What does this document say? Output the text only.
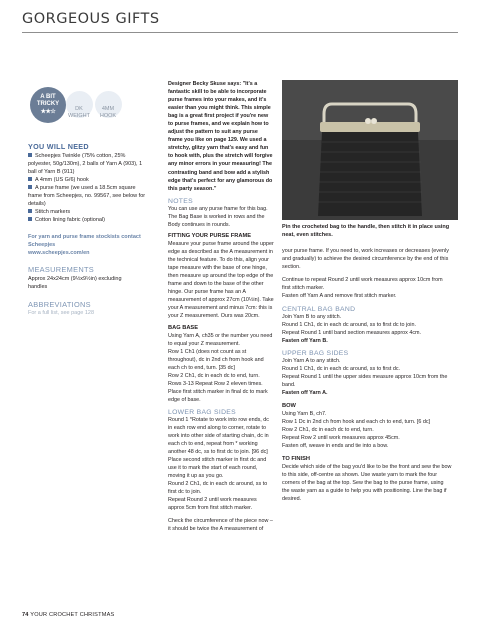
GORGEOUS GIFTS
A BIT
TRICKY
★★☆	DK
WEIGHT
4MM
HOOK
YOU WILL NEED
Scheepjes Twinkle (75% cotton, 25% polyester, 50g/130m), 2 balls of Yarn A (903), 1 ball of Yarn B (911)
A 4mm (US G/6) hook
A purse frame (we used a 18.5cm square frame from Scheepjes, no. 99567, see below for details)
Stitch markers
Cotton lining fabric (optional)
For yarn and purse frame stockists contact Scheepjes
www.scheepjes.com/en
MEASUREMENTS
Approx 24x24cm (9½x9½in) excluding handles
ABBREVIATIONS
For a full list, see page 128

Designer Becky Skuse says: "It's a fantastic skill to be able to incorporate purse frames into your makes, and it's easier than you might think. This simple bag is a great first project if you're new to purse frames, and we explain how to adjust the pattern to suit any purse frame you like on page 129. We used a stretchy, glitzy yarn that's easy and fun to hook with, plus the stretch will forgive any minor errors in your measuring! The contrasting band and bow add a stylish edge that's perfect for any glamorous do this party season."

NOTES

You can use any purse frame for this bag. The Bag Base is worked in rows and the Body continues in rounds.

FITTING YOUR PURSE FRAME

Measure your purse frame around the upper edge as described as the A measurement in the technical feature. To do this, align your tape measure with the base of one hinge, then measure up around the top edge of the frame and down to the base of the other hinge. Our purse frame has an A measurement of approx 27cm (10½in). Take your A measurement and minus 7cm: this is your Z measurement. Ours was 20cm.

BAG BASE

Using Yarn A, ch35 or the number you need to equal your Z measurement.

Row 1 Ch1 (does not count as st throughout), dc in 2nd ch from hook and each ch to end, turn. [35 dc]

Row 2 Ch1, dc in each dc to end, turn.

Rows 3-13 Repeat Row 2 eleven times.

Place first stitch marker in final dc to mark edge of base.

LOWER BAG SIDES

Round 1 *Rotate to work into row ends, dc in each row end along to corner, rotate to work into other side of starting chain, dc in each ch to end, repeat from * working another 48 dc, ss to first dc to join. [96 dc] Place second stitch marker in first dc and use it to mark the start of each round, moving it up as you go.

Round 2 Ch1, dc in each dc around, ss to first dc to join.

Repeat Round 2 until work measures approx 5cm from first stitch marker.

Check the circumference of the piece now – it should be twice the A measurement of

Pin the crocheted bag to the handle, then stitch it in place using neat, even stitches.

your purse frame. If you need to, work increases or decreases (evenly and gradually) to achieve the desired circumference by the end of this section.

Continue to repeat Round 2 until work measures approx 10cm from first stitch marker.

Fasten off Yarn A and remove first stitch marker.

CENTRAL BAG BAND

Join Yarn B to any stitch.

Round 1 Ch1, dc in each dc around, ss to first dc to join.

Repeat Round 1 until band section measures approx 4cm.

Fasten off Yarn B.

UPPER BAG SIDES

Join Yarn A to any stitch.

Round 1 Ch1, dc in each dc around, ss to first dc.

Repeat Round 1 until the upper sides measure approx 10cm from the band.

Fasten off Yarn A.

BOW

Using Yarn B, ch7.

Row 1 Dc in 2nd ch from hook and each ch to end, turn. [6 dc]

Row 2 Ch1, dc in each dc to end, turn.

Repeat Row 2 until work measures approx 45cm.

Fasten off, weave in ends and tie into a bow.

TO FINISH

Decide which side of the bag you'd like to be the front and sew the bow to this side, off-centre as shown. Use waste yarn to mark the four corners of the bag at the top. Sew the bag to the purse frame, using the waste yarn as a guide to help you with positioning. Line the bag if desired.

74 YOUR CROCHET CHRISTMAS
